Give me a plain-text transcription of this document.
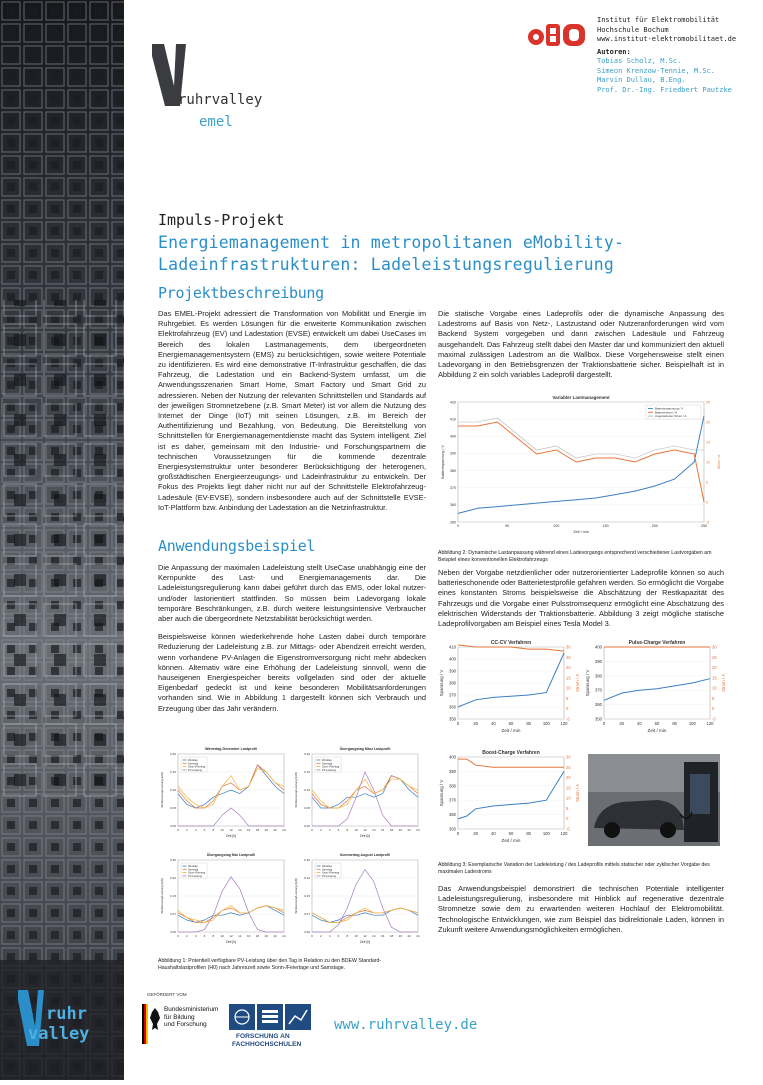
ruhr
valley
ruhrvalley
emel
Institut für Elektromobilität
Hochschule Bochum
www.institut-elektromobilitaet.de
Autoren:
Tobias Scholz, M.Sc.
Simeon Krenzow-Tennie, M.Sc.
Marvin Dullau, B.Eng.
Prof. Dr.-Ing. Friedbert Pautzke
Impuls-Projekt
Energiemanagement in metropolitanen eMobility-
Ladeinfrastrukturen: Ladeleistungsregulierung
Projektbeschreibung

Das EMEL-Projekt adressiert die Transformation von Mobilität und Energie im Ruhrgebiet. Es werden Lösungen für die erweiterte Kommunikation zwischen Elektrofahrzeug (EV) und Ladestation (EVSE) entwickelt um dabei UseCases im Bereich des lokalen Lastmanagements, dem übergeordneten Energiemanagementsystem (EMS) zu berücksichtigen, sowie weitere Potentiale zu identifizieren. Es wird eine demonstrative IT-Infrastruktur geschaffen, die das Fahrzeug, die Ladestation und ein Backend-System umfasst, um die Anwendungsszenarien Smart Home, Smart Factory und Smart Grid zu adressieren. Neben der Nutzung der relevanten Schnittstellen und Standards auf der jeweiligen Stromnetzebene (z.B. Smart Meter) ist vor allem die Nutzung des Internet der Dinge (IoT) mit seinen Lösungen, z.B. im Bereich der Authentifizierung und Bezahlung, von Bedeutung. Die Bereitstellung von Schnittstellen für Energiemanagementdienste macht das System intelligent. Ziel ist es daher, gemeinsam mit den Industrie- und Forschungspartnern die technischen Voraussetzungen für die kommende dezentrale Energiesystemstruktur unter besonderer Berücksichtigung der heterogenen, großstädtischen Energieerzeugungs- und Ladeinfrastruktur zu entwickeln. Der Fokus des Projekts liegt daher nicht nur auf der Schnittstelle Elektrofahrzeug-Ladesäule (EV-EVSE), sondern insbesondere auch auf der Schnittstelle EVSE-IoT-Plattform bzw. Anbindung der Ladestation an die Netzinfrastruktur.

Anwendungsbeispiel

Die Anpassung der maximalen Ladeleistung stellt UseCase unabhängig eine der Kernpunkte des Last- und Energiemanagements dar. Die Ladeleistungsregulierung kann dabei geführt durch das EMS, oder lokal nutzer- und/oder lastorientiert stattfinden. So müssen beim Ladevorgang lokale temporäre Beschränkungen, z.B. durch weitere leistungsintensive Verbraucher aber auch die übergeordnete Netzstabilität berücksichtigt werden.

Beispielsweise können wiederkehrende hohe Lasten dabei durch temporäre Reduzierung der Ladeleistung z.B. zur Mittags- oder Abendzeit erreicht werden, wenn vorhandene PV-Anlagen die Eigenstromversorgung nicht mehr abdecken können. Alternativ wäre eine Erhöhung der Ladeleistung sinnvoll, wenn die hauseigenen Energiespeicher bereits vollgeladen sind oder der aktuelle Eigenbedarf gedeckt ist und keine besonderen Mobilitätsanforderungen vorhanden sind. Wie in Abbildung 1 dargestellt können sich Verbrauch und Erzeugung über das Jahr verändern.

Wintertag Dezember Lastprofil
0.00
0.05
0.10
0.15
0.20
0 2 4 6 8 10 12 14 16 18 20 22 24
Zeit [h]
Wirkleistung/Leistung [kW]
Werktag
Samstag
Sonn-/Feiertag
PV-Leistung
Übergangstag März Lastprofil
0.00
0.05
0.10
0.15
0.20
0 2 4 6 8 10 12 14 16 18 20 22 24
Zeit [h]
Wirkleistung/Leistung [kW]
Werktag
Samstag
Sonn-/Feiertag
PV-Leistung
Übergangstag Mai Lastprofil
0.00
0.07
0.15
0.22
0.30
0 2 4 6 8 10 12 14 16 18 20 22 24
Zeit [h]
Wirkleistung/Leistung [kW]
Werktag
Samstag
Sonn-/Feiertag
PV-Leistung
Sommertag August Lastprofil
0.00
0.07
0.15
0.22
0.30
0 2 4 6 8 10 12 14 16 18 20 22 24
Zeit [h]
Wirkleistung/Leistung [kW]
Werktag
Samstag
Sonn-/Feiertag
PV-Leistung
Abbildung 1: Potentiell verfügbare PV-Leistung über den Tag in Relation zu den BDEW Standard-Haushaltslastprofilen (H0) nach Jahreszeit sowie Sonn-/Feiertage und Samstage.
Die statische Vorgabe eines Ladeprofils oder die dynamische Anpassung des Ladestroms auf Basis von Netz-, Lastzustand oder Nutzeranforderungen wird vom Backend System vorgegeben und dann zwischen Ladesäule und Fahrzeug ausgehandelt. Das Fahrzeug stellt dabei den Master dar und kommuniziert den aktuell maximal zulässigen Ladestrom an die Wallbox. Diese Vorgehensweise stellt einen Ladevorgang in den Betriebsgrenzen der Traktionsbatterie sicher. Beispielhaft ist in Abbildung 2 ein solch variables Ladeprofil dargestellt.
Variabler Lastmanagement
350
360
370
380
390
400
410
420
-5
0
5
10
15
20
25
0	50	100	150	200	250
Zeit / min
Batteriespannung / V	Strom / A
Batteriespannung / V
Batteriestrom / A
Angeforderter Strom / A
Abbildung 2: Dynamische Lastanpassung während eines Ladevorgangs entsprechend verschiedener Lastvorgaben am Beispiel eines konventionellen Elektrofahrzeugs
Neben der Vorgabe netzdienlicher oder nutzerorientierter Ladeprofile können so auch batterieschonende oder Batterietestprofile gefahren werden. So ermöglicht die Vorgabe eines konstanten Stroms beispielsweise die Abschätzung der Restkapazität des Fahrzeugs und die Vorgabe einer Pulsstromsequenz ermöglicht eine Abschätzung des elektrischen Widerstands der Traktionsbatterie. Abbildung 3 zeigt mögliche statische Ladeprofilvorgaben am Beispiel eines Tesla Model 3.
CC-CV Verfahren
350
360
370
380
390
400
410
-5
0
5
10
15
20
25
30
0	20	40	60	80	100	120
Zeit / min
Spannung / V	Strom / A
Pulse-Charge Verfahren
350
360
370
380
390
400
-5
0
5
10
15
20
25
30
0	20	40	60	80	100	120
Zeit / min
Spannung / V	Strom / A
Boost-Charge Verfahren
350
360
370
380
390
400
-5
0
5
10
15
20
25
30
0	20	40	60	80	100	120
Zeit / min
Spannung / V	Strom / A
Abbildung 3: Exemplarische Variation der Ladeleistung / des Ladeprofils mittels statischer oder zyklischer Vorgabe des maximalen Ladestroms
Das Anwendungsbeispiel demonstriert die technischen Potentiale intelligenter Ladeleistungsregulierung, insbesondere mit Hinblick auf regenerative dezentrale Stromnetze sowie dem zu erwartenden weiteren Hochlauf der Elektromobilität. Technologische Entwicklungen, wie zum Beispiel das bidirektionale Laden, können in Zukunft weitere Anwendungsmöglichkeiten ermöglichen.
GEFÖRDERT VOM
Bundesministerium
für Bildung
und Forschung
FORSCHUNG AN
FACHHOCHSCHULEN
www.ruhrvalley.de
